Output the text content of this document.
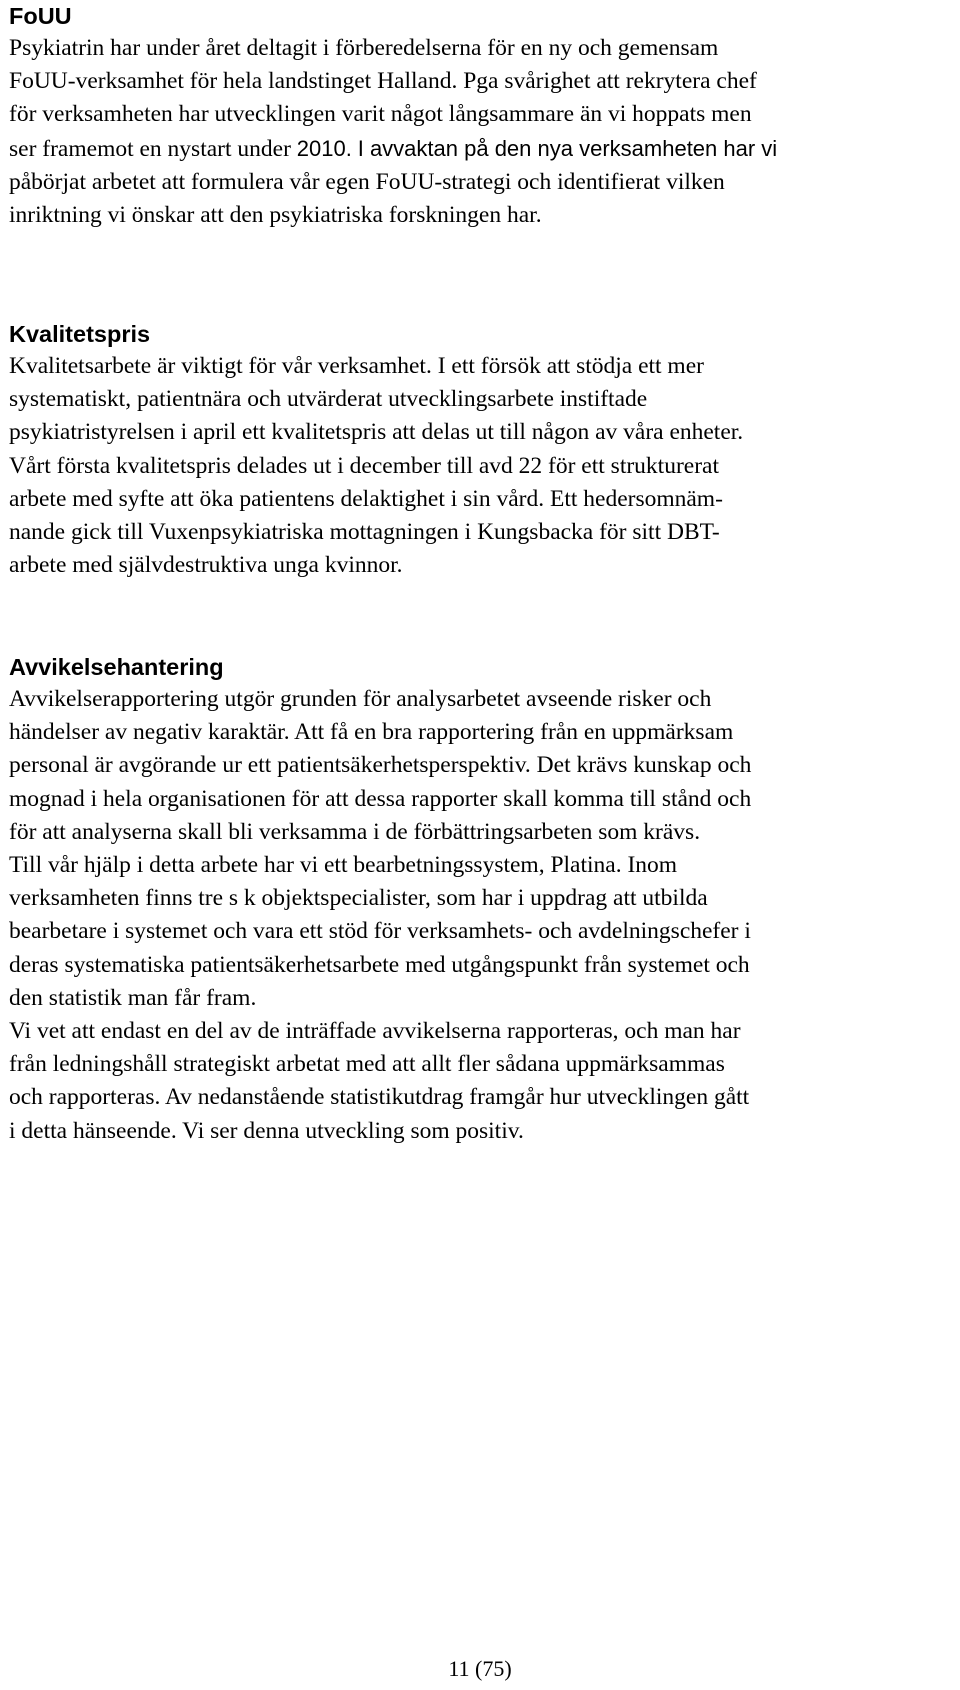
FoUU
Psykiatrin har under året deltagit i förberedelserna för en ny och gemensam
FoUU-verksamhet för hela landstinget Halland. Pga svårighet att rekrytera chef
för verksamheten har utvecklingen varit något långsammare än vi hoppats men
ser framemot en nystart under 2010. I avvaktan på den nya verksamheten har vi
påbörjat arbetet att formulera vår egen FoUU-strategi och identifierat vilken
inriktning vi önskar att den psykiatriska forskningen har.
Kvalitetspris
Kvalitetsarbete är viktigt för vår verksamhet. I ett försök att stödja ett mer
systematiskt, patientnära och utvärderat utvecklingsarbete instiftade
psykiatristyrelsen i april ett kvalitetspris att delas ut till någon av våra enheter.
Vårt första kvalitetspris delades ut i december till avd 22 för ett strukturerat
arbete med syfte att öka patientens delaktighet i sin vård. Ett hedersomnäm-
nande gick till Vuxenpsykiatriska mottagningen i Kungsbacka för sitt DBT-
arbete med självdestruktiva unga kvinnor.
Avvikelsehantering
Avvikelserapportering utgör grunden för analysarbetet avseende risker och
händelser av negativ karaktär. Att få en bra rapportering från en uppmärksam
personal är avgörande ur ett patientsäkerhetsperspektiv. Det krävs kunskap och
mognad i hela organisationen för att dessa rapporter skall komma till stånd och
för att analyserna skall bli verksamma i de förbättringsarbeten som krävs.
Till vår hjälp i detta arbete har vi ett bearbetningssystem, Platina. Inom
verksamheten finns tre s k objektspecialister, som har i uppdrag att utbilda
bearbetare i systemet och vara ett stöd för verksamhets- och avdelningschefer i
deras systematiska patientsäkerhetsarbete med utgångspunkt från systemet och
den statistik man får fram.
Vi vet att endast en del av de inträffade avvikelserna rapporteras, och man har
från ledningshåll strategiskt arbetat med att allt fler sådana uppmärksammas
och rapporteras. Av nedanstående statistikutdrag framgår hur utvecklingen gått
i detta hänseende. Vi ser denna utveckling som positiv.
11 (75)
